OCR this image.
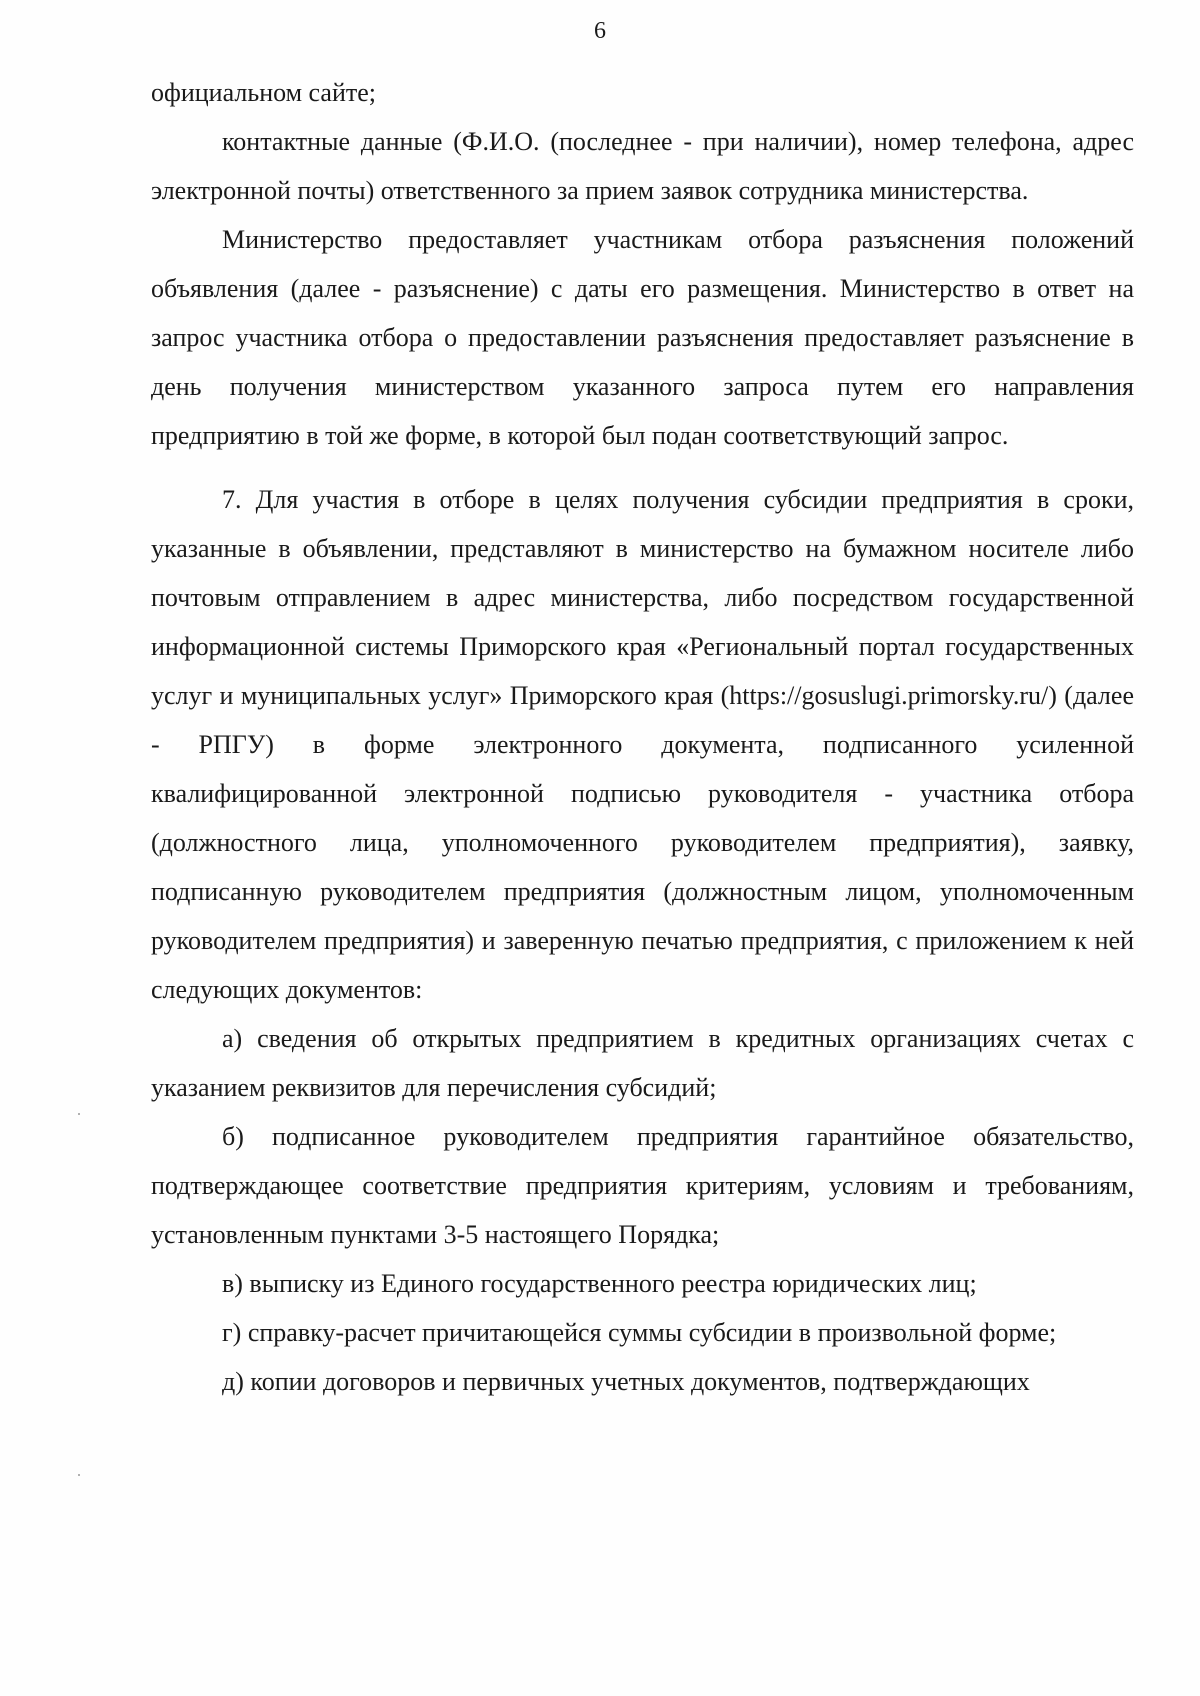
6

официальном сайте;

контактные данные (Ф.И.О. (последнее - при наличии), номер телефона, адрес электронной почты) ответственного за прием заявок сотрудника министерства.

Министерство предоставляет участникам отбора разъяснения положений объявления (далее - разъяснение) с даты его размещения. Министерство в ответ на запрос участника отбора о предоставлении разъяснения предоставляет разъяснение в день получения министерством указанного запроса путем его направления предприятию в той же форме, в которой был подан соответствующий запрос.

7. Для участия в отборе в целях получения субсидии предприятия в сроки, указанные в объявлении, представляют в министерство на бумажном носителе либо почтовым отправлением в адрес министерства, либо посредством государственной информационной системы Приморского края «Региональный портал государственных услуг и муниципальных услуг» Приморского края (https://gosuslugi.primorsky.ru/) (далее - РПГУ) в форме электронного документа, подписанного усиленной квалифицированной электронной подписью руководителя - участника отбора (должностного лица, уполномоченного руководителем предприятия), заявку, подписанную руководителем предприятия (должностным лицом, уполномоченным руководителем предприятия) и заверенную печатью предприятия, с приложением к ней следующих документов:

а) сведения об открытых предприятием в кредитных организациях счетах с указанием реквизитов для перечисления субсидий;

б) подписанное руководителем предприятия гарантийное обязательство, подтверждающее соответствие предприятия критериям, условиям и требованиям, установленным пунктами 3-5 настоящего Порядка;

в) выписку из Единого государственного реестра юридических лиц;

г) справку-расчет причитающейся суммы субсидии в произвольной форме;

д) копии договоров и первичных учетных документов, подтверждающих
